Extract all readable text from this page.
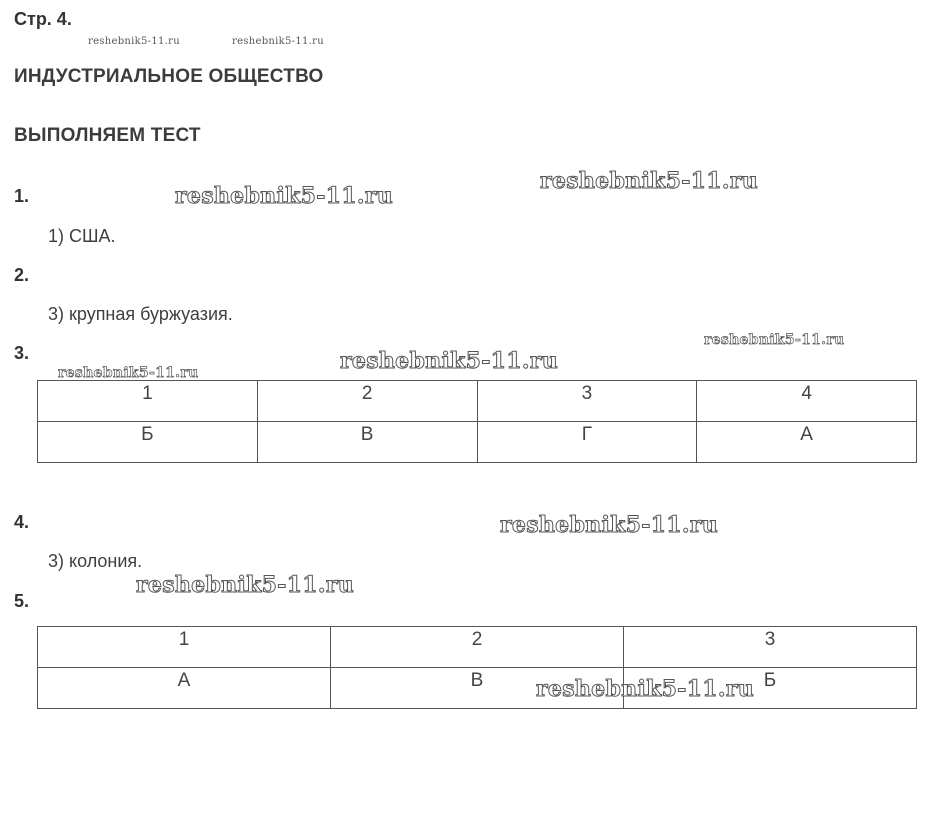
Стр. 4.
reshebnik5-11.ru	reshebnik5-11.ru
ИНДУСТРИАЛЬНОЕ ОБЩЕСТВО
ВЫПОЛНЯЕМ ТЕСТ
1.	reshebnik5-11.ru
reshebnik5-11.ru
1) США.
2.
3) крупная буржуазия.
3.	reshebnik5-11.ru
reshebnik5-11.ru
reshebnik5-11.ru
1	2	3	4
Б	В	Г	А
4.	reshebnik5-11.ru
3) колония.
5.
reshebnik5-11.ru
1	2	3
А	В	Б
reshebnik5-11.ru
